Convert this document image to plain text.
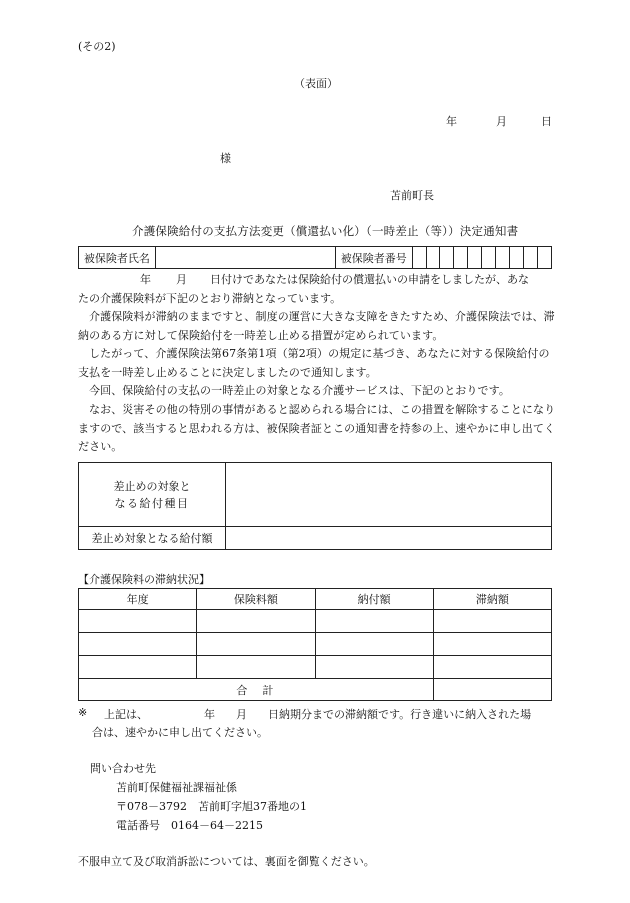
(その2)
（表面）
年	月	日
様
苫前町長
介護保険給付の支払方法変更（償還払い化）（一時差止（等））決定通知書
被保険者氏名		被保険者番号										
年 月 日付けであなたは保険給付の償還払いの申請をしましたが、あな
たの介護保険料が下記のとおり滞納となっています。
介護保険料が滞納のままですと、制度の運営に大きな支障をきたすため、介護保険法では、滞納のある方に対して保険給付を一時差し止める措置が定められています。
したがって、介護保険法第67条第1項（第2項）の規定に基づき、あなたに対する保険給付の支払を一時差し止めることに決定しましたので通知します。
今回、保険給付の支払の一時差止の対象となる介護サービスは、下記のとおりです。
なお、災害その他の特別の事情があると認められる場合には、この措置を解除することになりますので、該当すると思われる方は、被保険者証とこの通知書を持参の上、速やかに申し出てください。
差止めの対象と
なる給付種目	

差止め対象となる給付額	
【介護保険料の滞納状況】
年度	保険料額	納付額	滞納額

合　計			
※ 上記は、	年 月 日納期分までの滞納額です。行き違いに納入された場
合は、速やかに申し出てください。
問い合わせ先
苫前町保健福祉課福祉係
〒078－3792　苫前町字旭37番地の1
電話番号　0164－64－2215
不服申立て及び取消訴訟については、裏面を御覧ください。
